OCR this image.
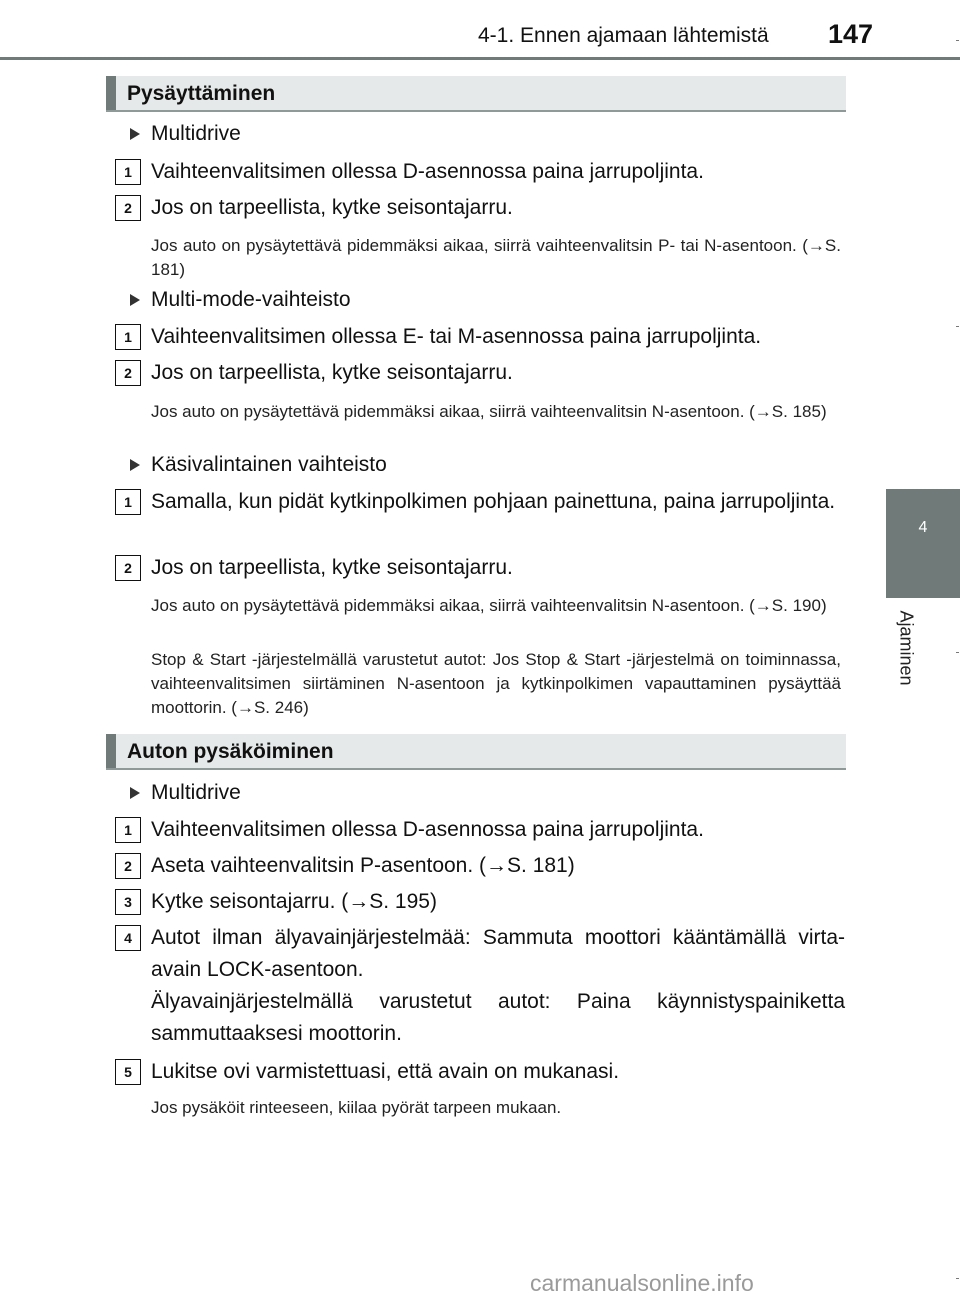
4-1. Ennen ajamaan lähtemistä 147
4
Ajaminen
Pysäyttäminen
Multidrive
1 Vaihteenvalitsimen ollessa D-asennossa paina jarrupoljinta.
2 Jos on tarpeellista, kytke seisontajarru.
Jos auto on pysäytettävä pidemmäksi aikaa, siirrä vaihteenvalitsin P- tai N-asentoon. (→S. 181)
Multi-mode-vaihteisto
1 Vaihteenvalitsimen ollessa E- tai M-asennossa paina jarrupoljinta.
2 Jos on tarpeellista, kytke seisontajarru.
Jos auto on pysäytettävä pidemmäksi aikaa, siirrä vaihteenvalitsin N-asentoon. (→S. 185)
Käsivalintainen vaihteisto
1 Samalla, kun pidät kytkinpolkimen pohjaan painettuna, paina jarrupoljinta.
2 Jos on tarpeellista, kytke seisontajarru.
Jos auto on pysäytettävä pidemmäksi aikaa, siirrä vaihteenvalitsin N-asentoon. (→S. 190)
Stop & Start -järjestelmällä varustetut autot: Jos Stop & Start -järjestelmä on toiminnassa, vaihteenvalitsimen siirtäminen N-asentoon ja kytkinpolkimen vapauttaminen pysäyttää moottorin. (→S. 246)
Auton pysäköiminen
Multidrive
1 Vaihteenvalitsimen ollessa D-asennossa paina jarrupoljinta.
2 Aseta vaihteenvalitsin P-asentoon. (→S. 181)
3 Kytke seisontajarru. (→S. 195)
4 Autot ilman älyavainjärjestelmää: Sammuta moottori kääntämällä virta-avain LOCK-asentoon.
Älyavainjärjestelmällä varustetut autot: Paina käynnistyspainiketta sammuttaaksesi moottorin.
5 Lukitse ovi varmistettuasi, että avain on mukanasi.
Jos pysäköit rinteeseen, kiilaa pyörät tarpeen mukaan.
carmanualsonline.info
